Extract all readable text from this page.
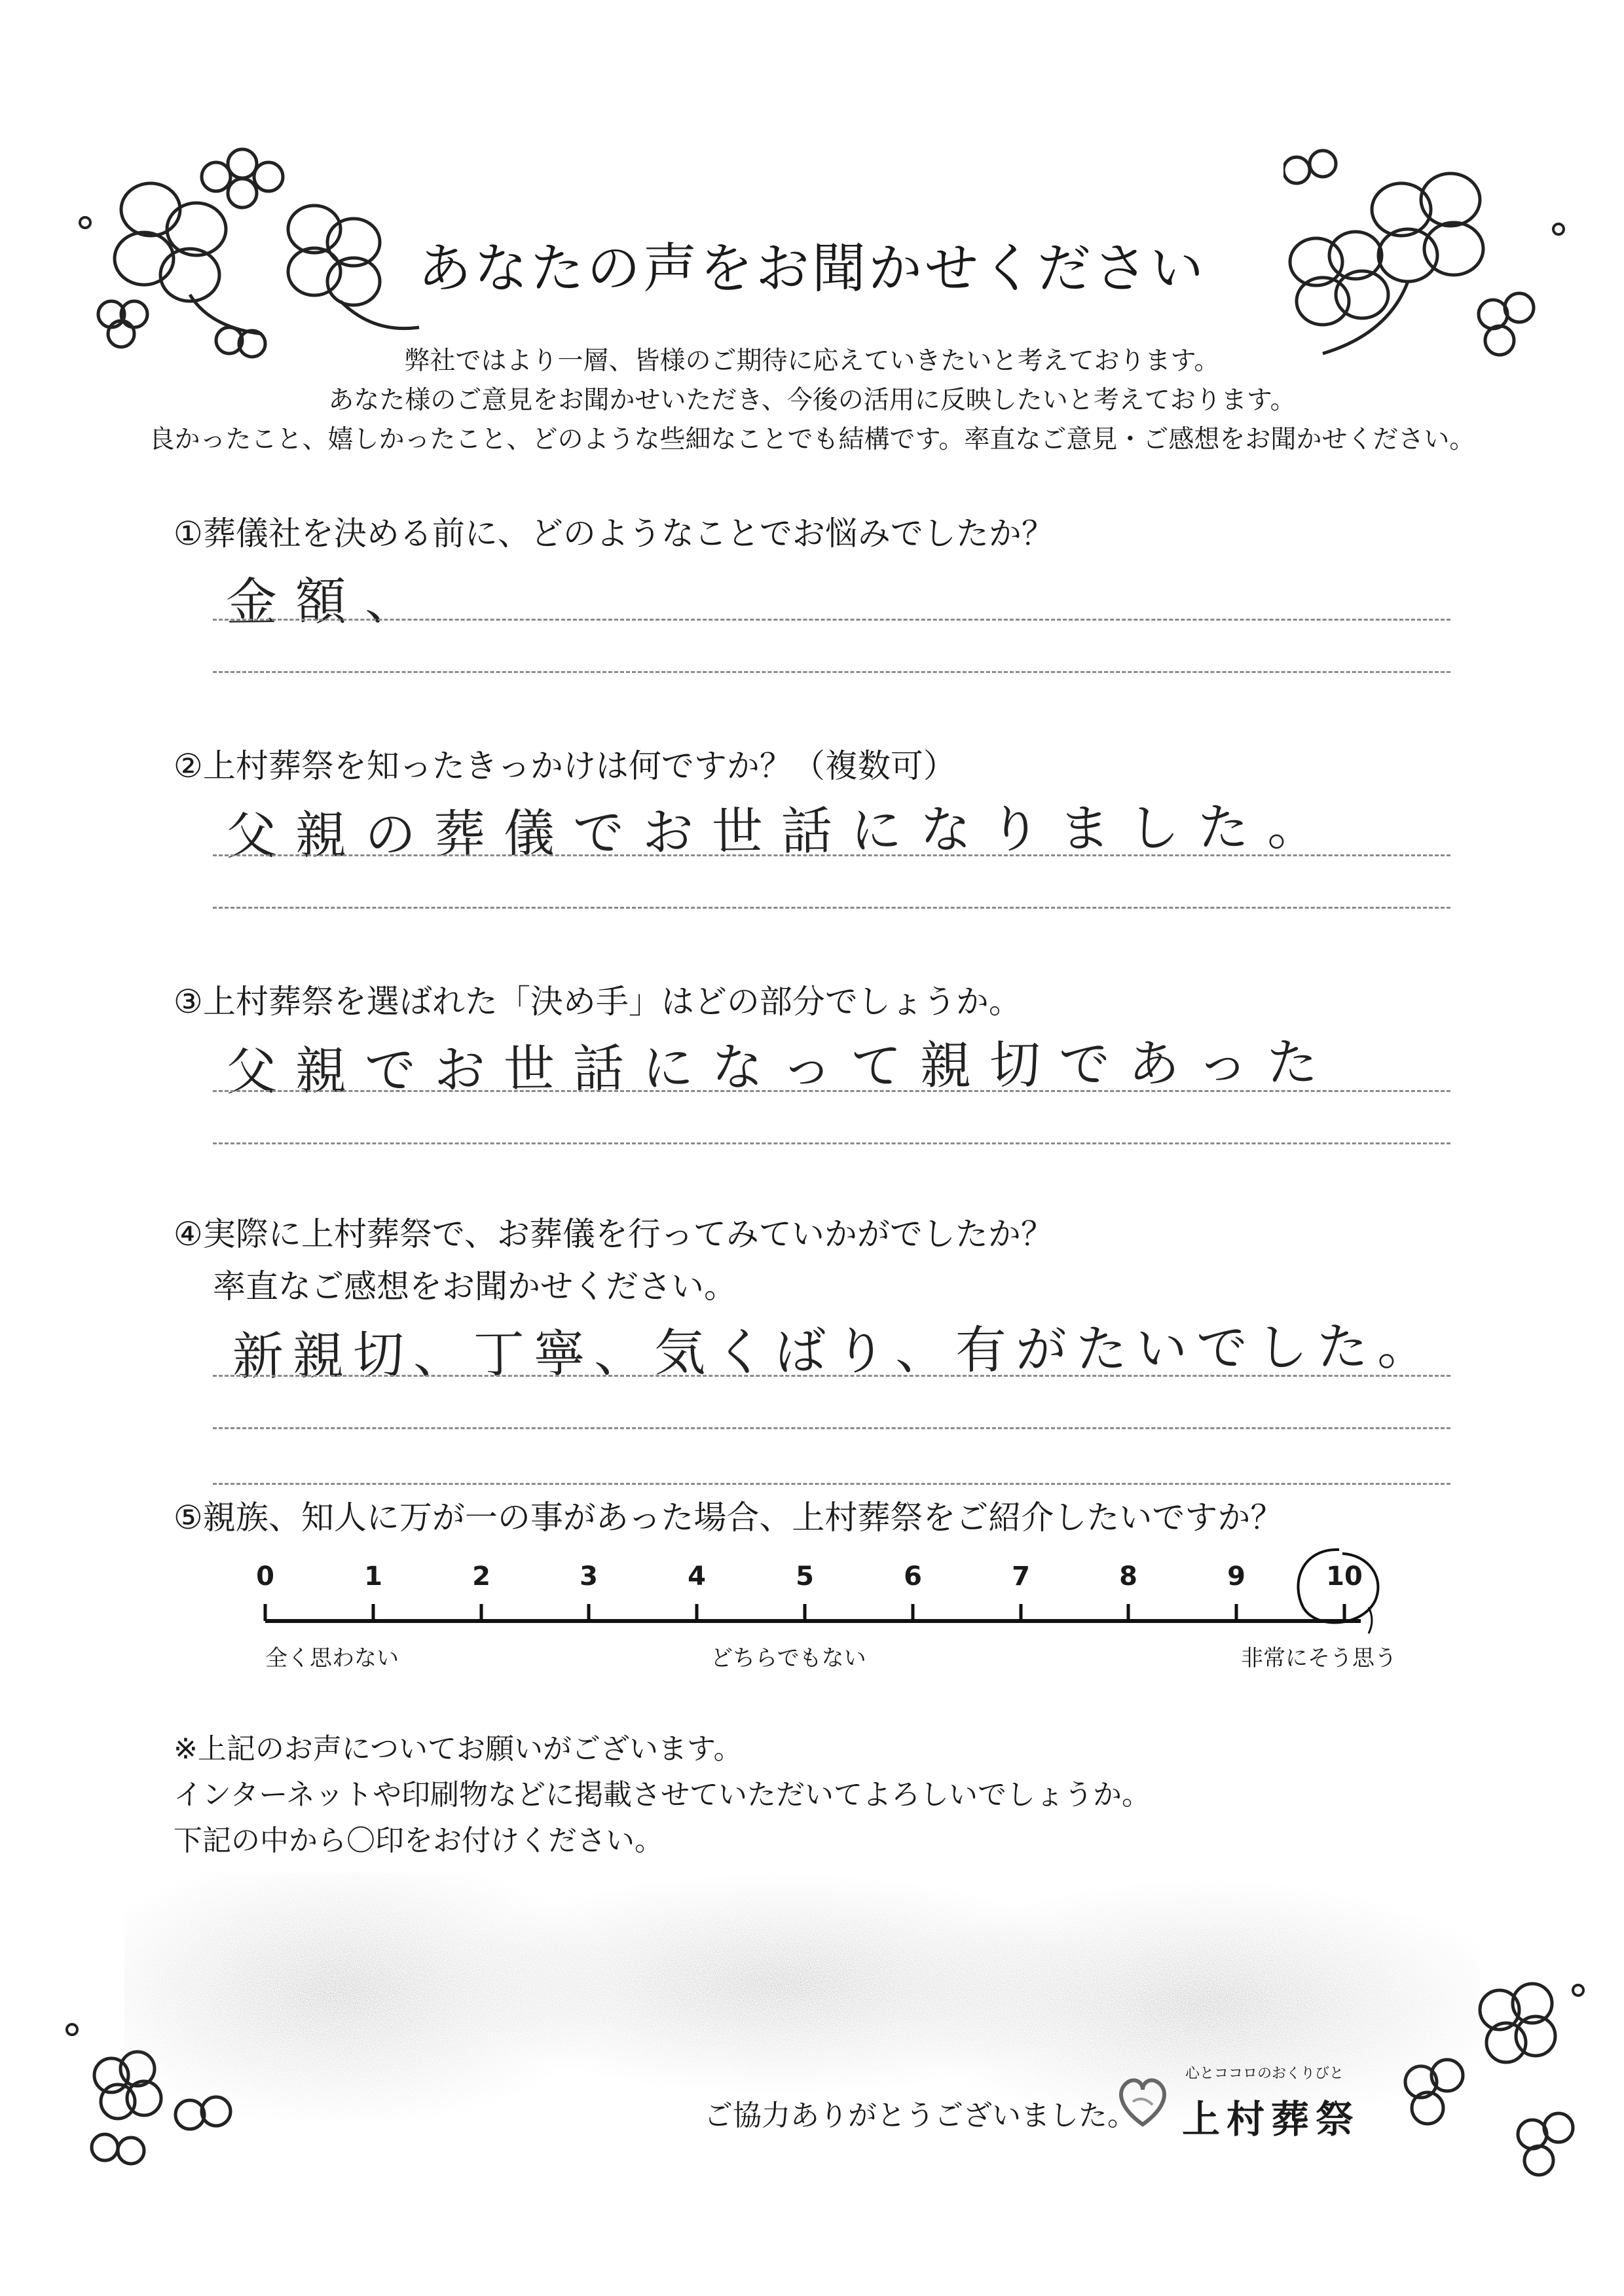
あなたの声をお聞かせください
弊社ではより一層、皆様のご期待に応えていきたいと考えております。
あなた様のご意見をお聞かせいただき、今後の活用に反映したいと考えております。
良かったこと、嬉しかったこと、どのような些細なことでも結構です。率直なご意見・ご感想をお聞かせください。
①葬儀社を決める前に、どのようなことでお悩みでしたか？
金額、
②上村葬祭を知ったきっかけは何ですか？（複数可）
父親の葬儀でお世話になりました。
③上村葬祭を選ばれた「決め手」はどの部分でしょうか。
父親でお世話になって親切であった
④実際に上村葬祭で、お葬儀を行ってみていかがでしたか？
率直なご感想をお聞かせください。
新親切、丁寧、気くばり、有がたいでした。
⑤親族、知人に万が一の事があった場合、上村葬祭をご紹介したいですか？
0	1	2	3	4	5	6	7	8	9	10
全く思わない	どちらでもない	非常にそう思う
※上記のお声についてお願いがございます。
インターネットや印刷物などに掲載させていただいてよろしいでしょうか。
下記の中から〇印をお付けください。
ご協力ありがとうございました。
心とココロのおくりびと
上村葬祭
